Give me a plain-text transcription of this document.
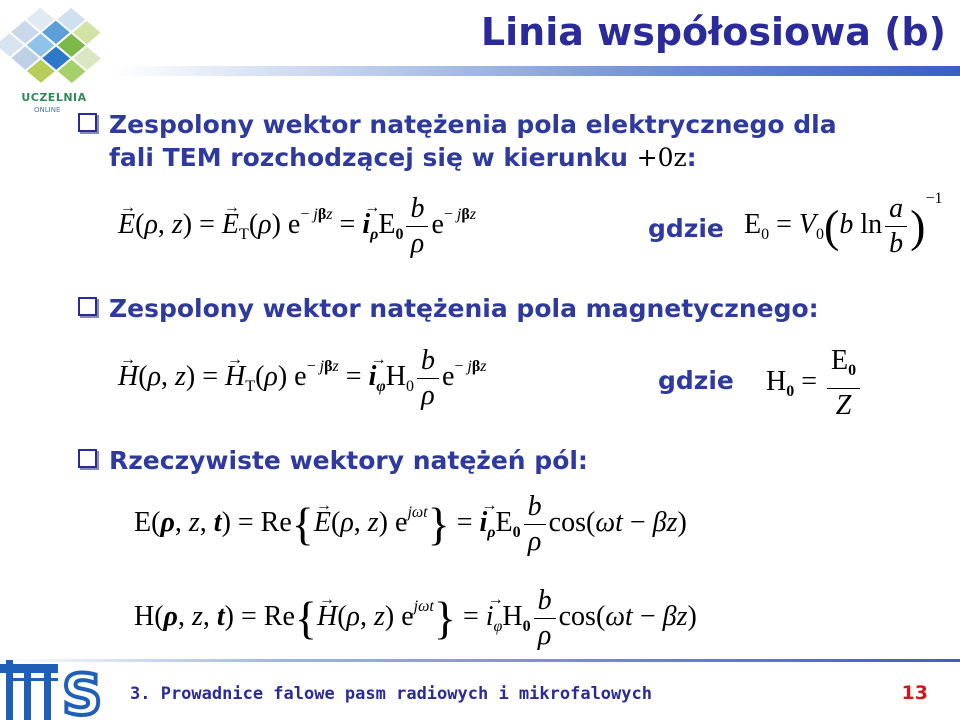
UCZELNIA
ONLINE
Linia współosiowa (b)
Zespolony wektor natężenia pola elektrycznego dla
fali TEM rozchodzącej się w kierunku +0z:
→ E(ρ, z) = → $E_T(\rho) e^{- j\beta z}$ = → $i_\rho E_0 \frac{b}{\rho} e^{- j\beta z}$	gdzie $E_0 = V_0(b$ $\ln \frac{a}{b} )^{-1}$
Zespolony wektor natężenia pola magnetycznego:
→ H(ρ, z) = → $H_T(\rho) e^{- j\beta z}$ = → $i_\varphi H_0 \frac{b}{\rho} e^{- j\beta z}$	gdzie $H_0 = \frac{E_0}{Z}$
Rzeczywiste wektory natężeń pól:
E(ρ, z, t) = Re{→ E(ρ, z) $e^{j\omega t}$} = → $i_\rho E_0 \frac{b}{\rho} \cos(\omega t - \beta z)$
H(ρ, z, t) = Re{→ H(ρ, z) $e^{j\omega t}$} = → $i_\varphi H_0 \frac{b}{\rho} \cos(\omega t - \beta z)$
S 3. Prowadnice falowe pasm radiowych i mikrofalowych	13
